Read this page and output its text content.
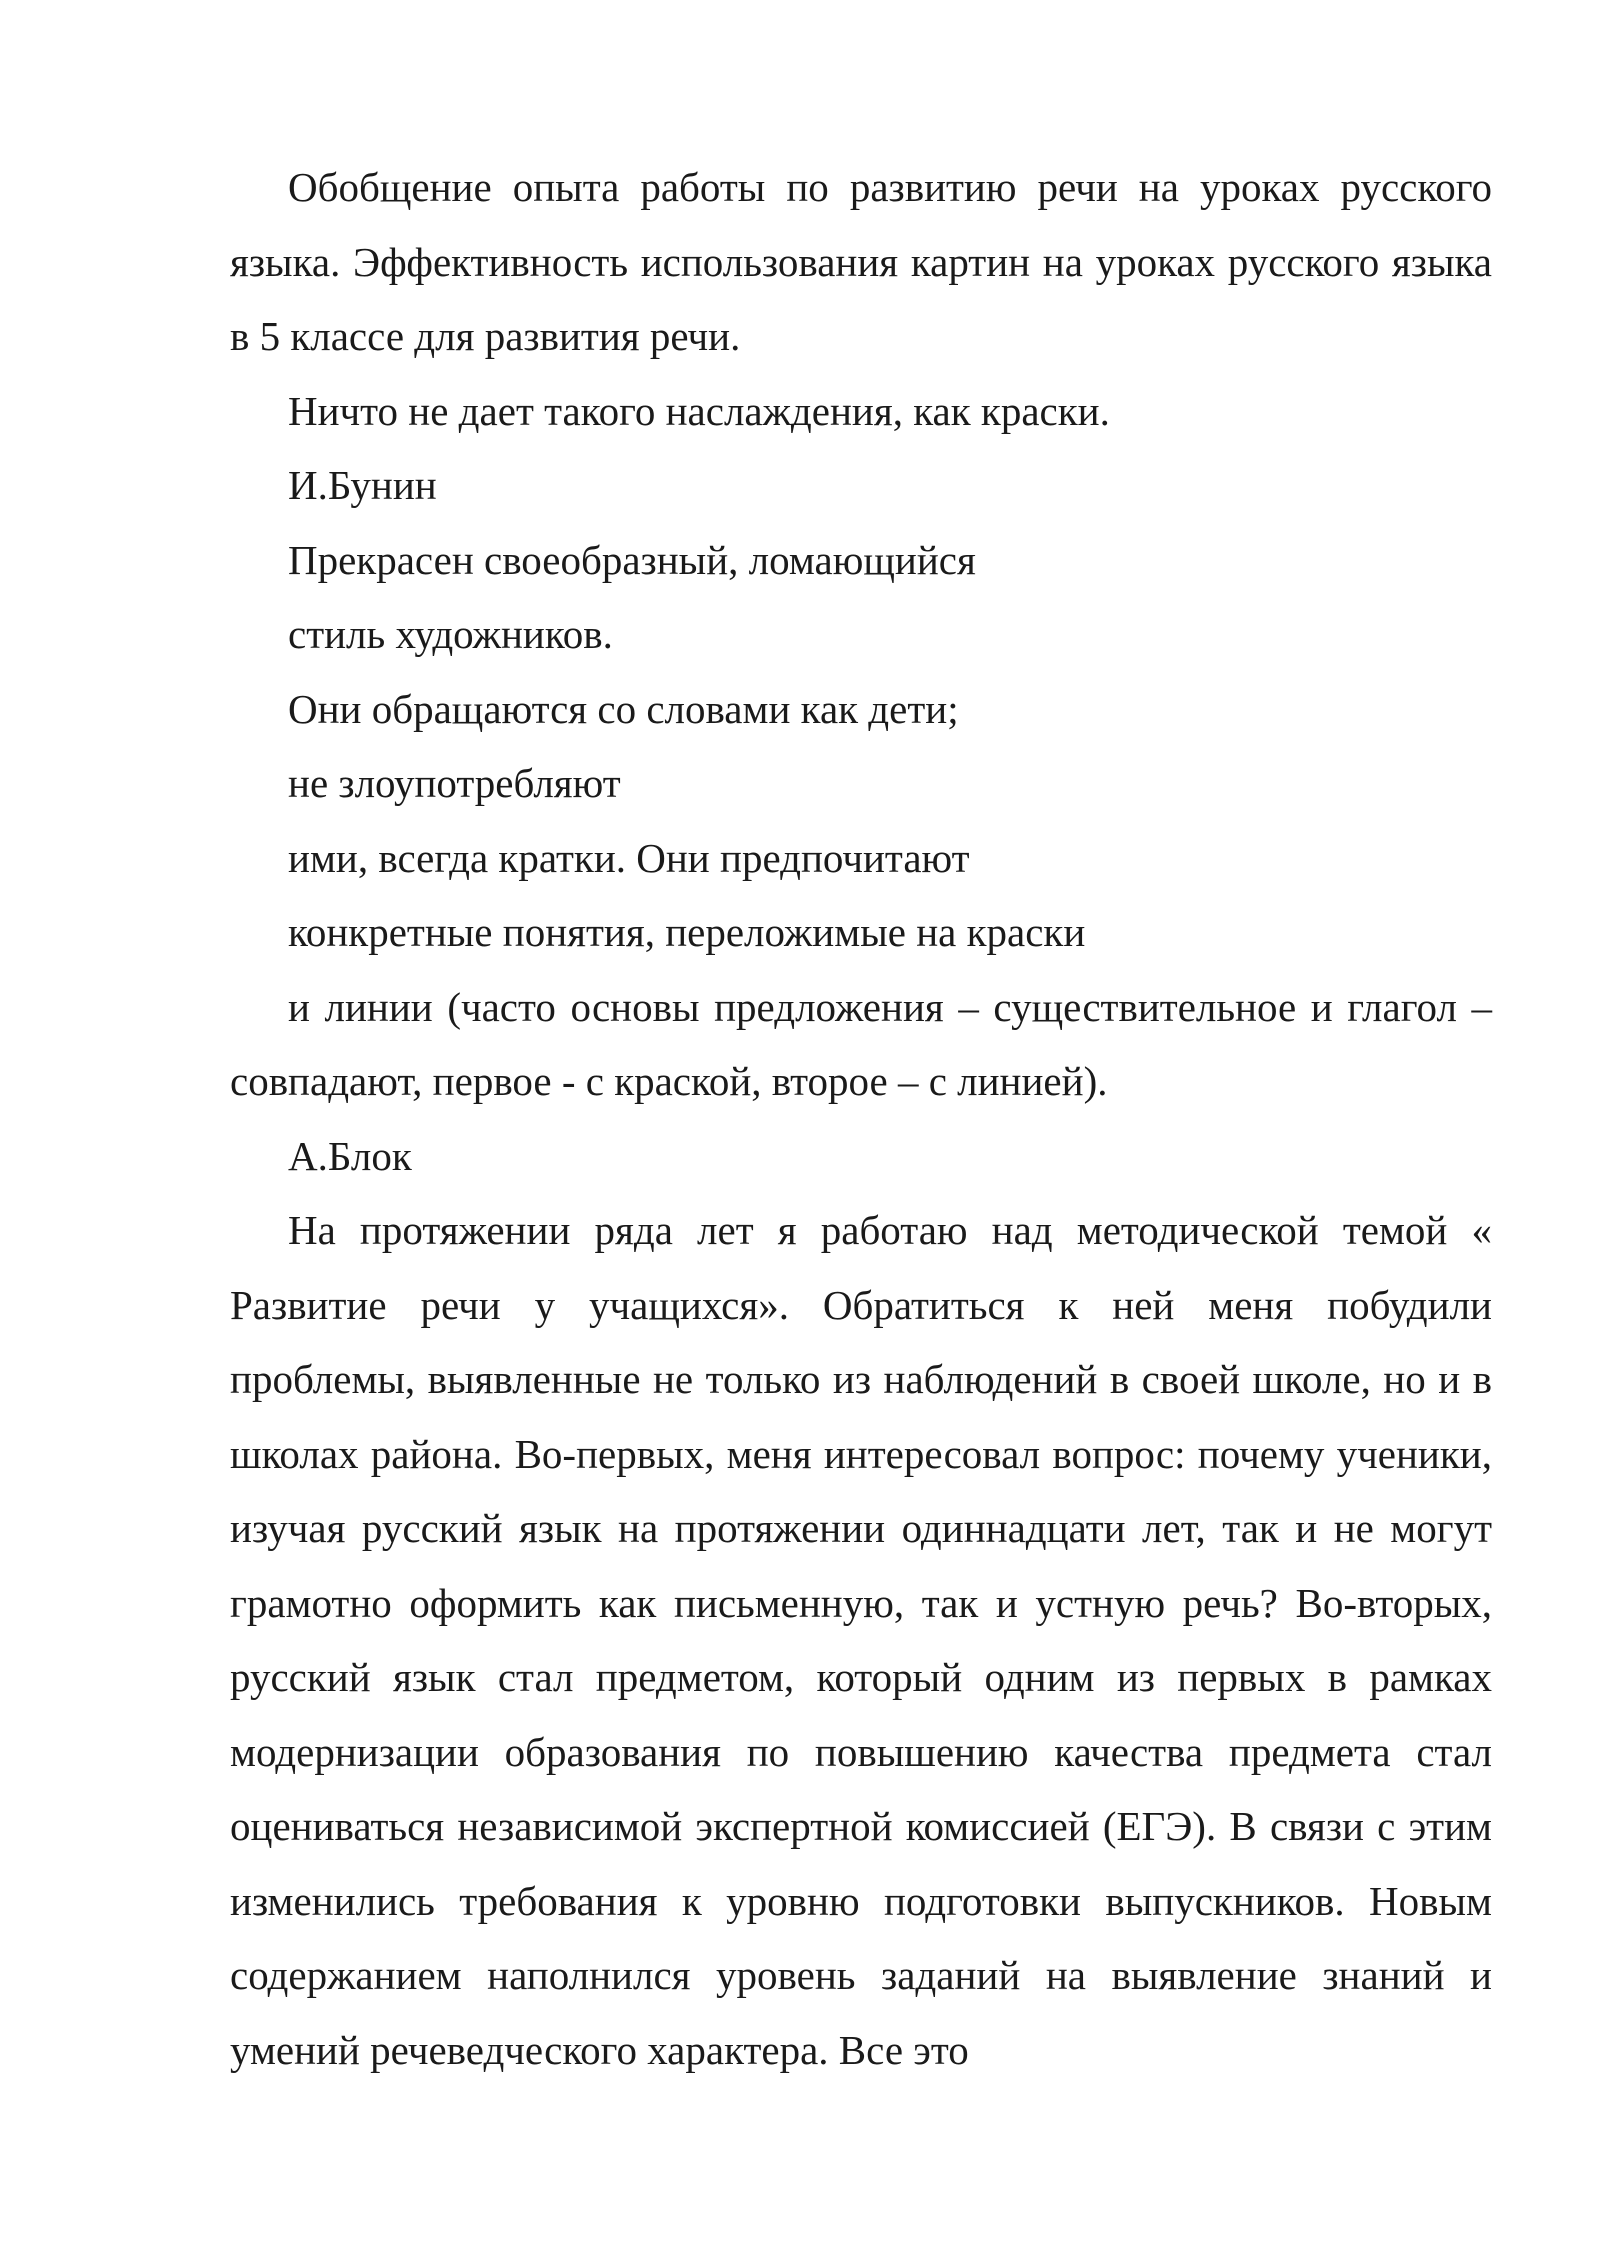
Обобщение опыта работы по развитию речи на уроках русского языка. Эффективность использования картин на уроках русского языка в 5 классе для развития речи.

Ничто не дает такого наслаждения, как краски.

И.Бунин

Прекрасен своеобразный, ломающийся

стиль художников.

Они обращаются со словами как дети;

не злоупотребляют

ими, всегда кратки. Они предпочитают

конкретные понятия, переложимые на краски

и линии (часто основы предложения – существительное и глагол – совпадают, первое - с краской, второе – с линией).

А.Блок

На протяжении ряда лет я работаю над методической темой « Развитие речи у учащихся». Обратиться к ней меня побудили проблемы, выявленные не только из наблюдений в своей школе, но и в школах района. Во-первых, меня интересовал вопрос: почему ученики, изучая русский язык на протяжении одиннадцати лет, так и не могут грамотно оформить как письменную, так и устную речь? Во-вторых, русский язык стал предметом, который одним из первых в рамках модернизации образования по повышению качества предмета стал оцениваться независимой экспертной комиссией (ЕГЭ). В связи с этим изменились требования к уровню подготовки выпускников. Новым содержанием наполнился уровень заданий на выявление знаний и умений речеведческого характера. Все это
